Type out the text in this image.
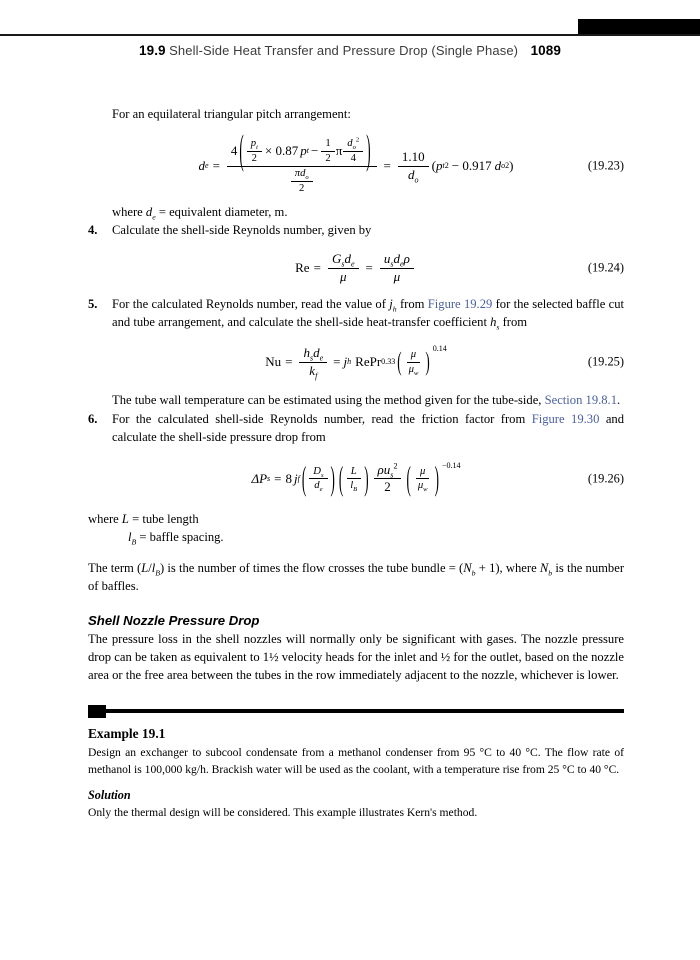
19.9 Shell-Side Heat Transfer and Pressure Drop (Single Phase) 1089

For an equilateral triangular pitch arrangement:

d e =
4 ( $\frac{p_t}{2} \times 0.87$ p $t - \frac{1}{2}$ π $\frac{d_o^2}{4}$ )
$\frac{\pi d_o}{2}$
= $\frac{1.10}{d_o}$ ( p t 2 − 0.917 d o 2 )	(19.23)

where $d_e$ = equivalent diameter, m.

4.	Calculate the shell-side Reynolds number, given by
$Re = \frac{G_sd_e}{\mu} = \frac{u_sd_e\rho}{\mu}$	(19.24)
5.	For the calculated Reynolds number, read the value of $j_h$ from Figure 19.29 for the selected baffle cut and tube arrangement, and calculate the shell-side heat-transfer coefficient $h_s$ from
$Nu = \frac{h_sd_e}{k_f} = j$ h RePr 0.33 ( $\frac{\mu}{\mu_w}$ ) 0.14
(19.25)

The tube wall temperature can be estimated using the method given for the tube-side, Section 19.8.1.

6.	For the calculated shell-side Reynolds number, read the friction factor from Figure 19.30 and calculate the shell-side pressure drop from
ΔP s = 8 j f ( $\frac{D_s}{d_e}$ ) ( $\frac{L}{l_B}$ ) $\frac{\rho u_s^2}{2}$ ( $\frac{\mu}{\mu_w}$ ) −0.14
(19.26)

where L = tube length

$l_B$ = baffle spacing.

The term $(L/l_B)$ is the number of times the flow crosses the tube bundle = $(N_b + 1)$, where $N_b$ is the number of baffles.

Shell Nozzle Pressure Drop

The pressure loss in the shell nozzles will normally only be significant with gases. The nozzle pressure drop can be taken as equivalent to 1½ velocity heads for the inlet and ½ for the outlet, based on the nozzle area or the free area between the tubes in the row immediately adjacent to the nozzle, whichever is lower.

Example 19.1

Design an exchanger to subcool condensate from a methanol condenser from 95 °C to 40 °C. The flow rate of methanol is 100,000 kg/h. Brackish water will be used as the coolant, with a temperature rise from 25 °C to 40 °C.

Solution

Only the thermal design will be considered. This example illustrates Kern's method.
